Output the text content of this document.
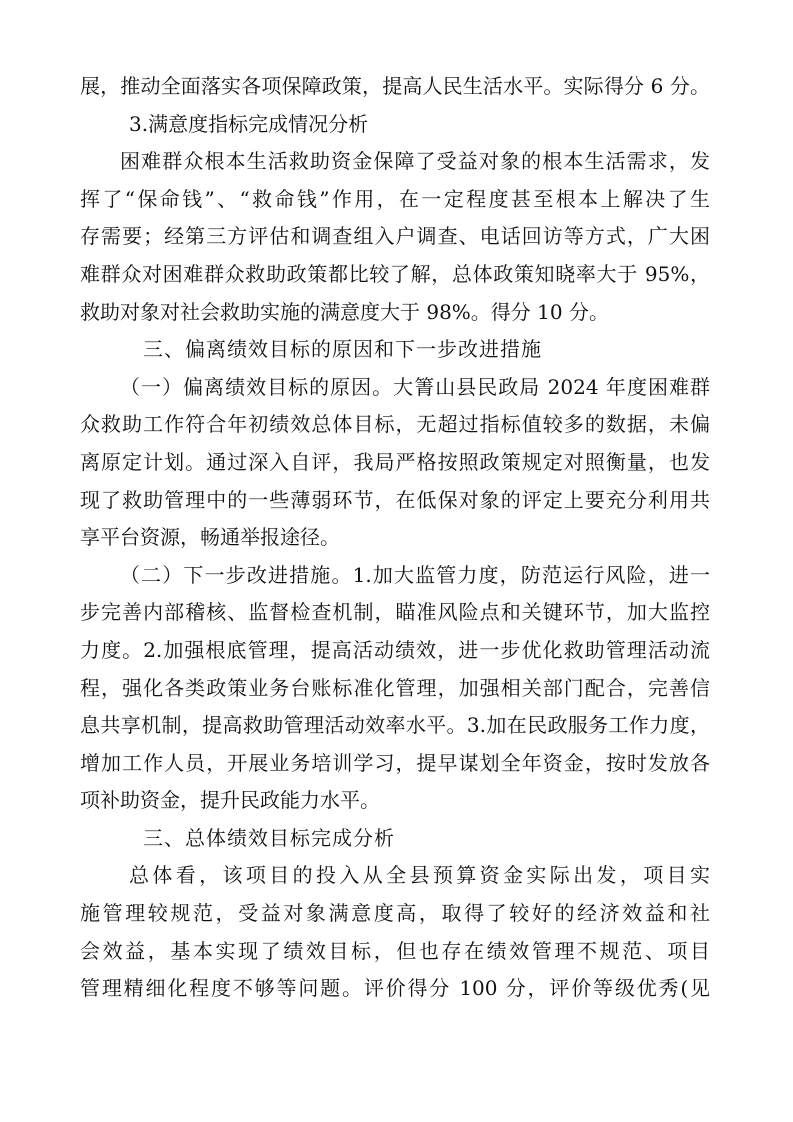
展，推动全面落实各项保障政策，提高人民生活水平。实际得分 6 分。

3.满意度指标完成情况分析

困难群众根本生活救助资金保障了受益对象的根本生活需求，发

挥了“保命钱”、“救命钱”作用，在一定程度甚至根本上解决了生

存需要；经第三方评估和调查组入户调查、电话回访等方式，广大困

难群众对困难群众救助政策都比较了解，总体政策知晓率大于 95%，

救助对象对社会救助实施的满意度大于 98%。得分 10 分。

三、偏离绩效目标的原因和下一步改进措施

（一）偏离绩效目标的原因。大箐山县民政局 2024 年度困难群

众救助工作符合年初绩效总体目标，无超过指标值较多的数据，未偏

离原定计划。通过深入自评，我局严格按照政策规定对照衡量，也发

现了救助管理中的一些薄弱环节，在低保对象的评定上要充分利用共

享平台资源，畅通举报途径。

（二）下一步改进措施。1.加大监管力度，防范运行风险，进一

步完善内部稽核、监督检查机制，瞄准风险点和关键环节，加大监控

力度。2.加强根底管理，提高活动绩效，进一步优化救助管理活动流

程，强化各类政策业务台账标准化管理，加强相关部门配合，完善信

息共享机制，提高救助管理活动效率水平。3.加在民政服务工作力度，

增加工作人员，开展业务培训学习，提早谋划全年资金，按时发放各

项补助资金，提升民政能力水平。

三、总体绩效目标完成分析

总体看，该项目的投入从全县预算资金实际出发，项目实

施管理较规范，受益对象满意度高，取得了较好的经济效益和社

会效益，基本实现了绩效目标，但也存在绩效管理不规范、项目

管理精细化程度不够等问题。评价得分 100 分，评价等级优秀(见
